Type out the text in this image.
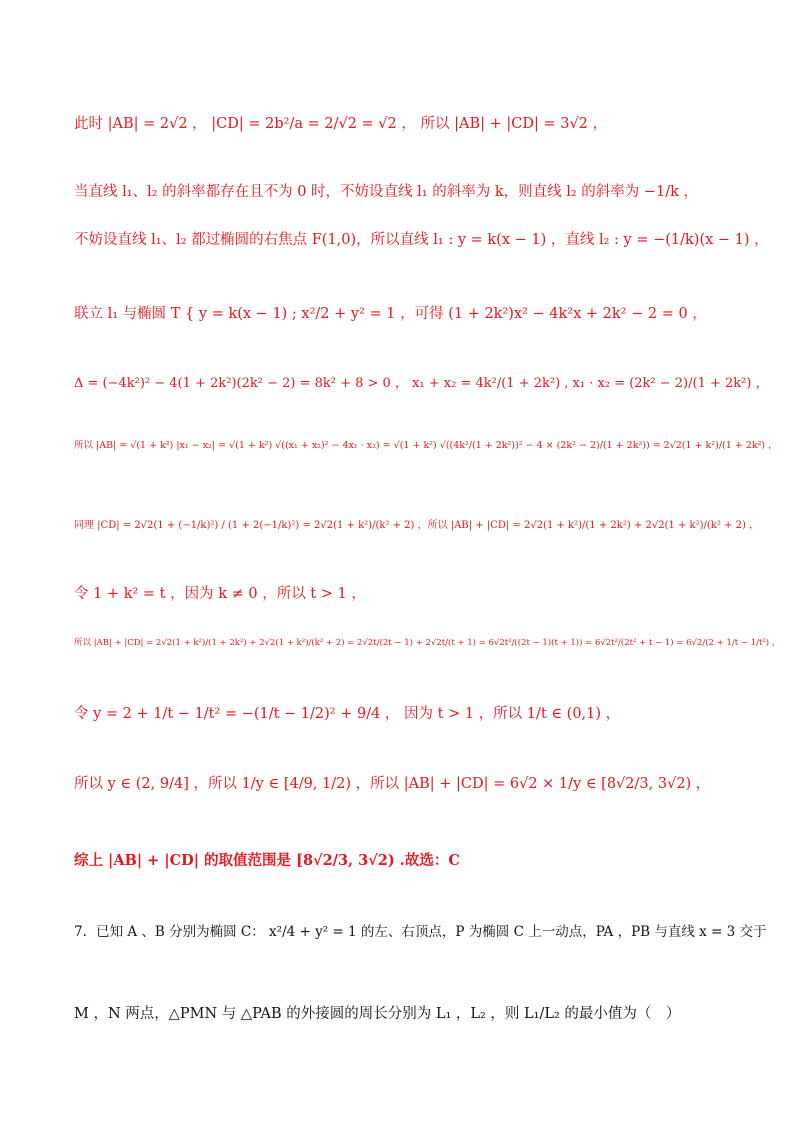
此时 |AB| = 2√2 ， |CD| = 2b²/a = 2/√2 = √2 ， 所以 |AB| + |CD| = 3√2 ，
当直线 l₁、l₂ 的斜率都存在且不为 0 时，不妨设直线 l₁ 的斜率为 k，则直线 l₂ 的斜率为 −1/k ，
不妨设直线 l₁、l₂ 都过椭圆的右焦点 F(1,0)，所以直线 l₁ : y = k(x − 1) ，直线 l₂ : y = −(1/k)(x − 1) ，
联立 l₁ 与椭圆 T { y = k(x − 1) ; x²/2 + y² = 1 ，可得 (1 + 2k²)x² − 4k²x + 2k² − 2 = 0 ，
Δ = (−4k²)² − 4(1 + 2k²)(2k² − 2) = 8k² + 8 > 0 ， x₁ + x₂ = 4k²/(1 + 2k²) , x₁ · x₂ = (2k² − 2)/(1 + 2k²) ，
所以 |AB| = √(1 + k²) |x₁ − x₂| = √(1 + k²) √((x₁ + x₂)² − 4x₁ · x₂) = √(1 + k²) √((4k²/(1 + 2k²))² − 4 × (2k² − 2)/(1 + 2k²)) = 2√2(1 + k²)/(1 + 2k²) ，
同理 |CD| = 2√2(1 + (−1/k)²) / (1 + 2(−1/k)²) = 2√2(1 + k²)/(k² + 2) ，所以 |AB| + |CD| = 2√2(1 + k²)/(1 + 2k²) + 2√2(1 + k²)/(k² + 2) ，
令 1 + k² = t ，因为 k ≠ 0 ，所以 t > 1 ，
所以 |AB| + |CD| = 2√2(1 + k²)/(1 + 2k²) + 2√2(1 + k²)/(k² + 2) = 2√2t/(2t − 1) + 2√2t/(t + 1) = 6√2t²/((2t − 1)(t + 1)) = 6√2t²/(2t² + t − 1) = 6√2/(2 + 1/t − 1/t²) ，
令 y = 2 + 1/t − 1/t² = −(1/t − 1/2)² + 9/4 ， 因为 t > 1 ，所以 1/t ∈ (0,1) ，
所以 y ∈ (2, 9/4] ，所以 1/y ∈ [4/9, 1/2) ，所以 |AB| + |CD| = 6√2 × 1/y ∈ [8√2/3, 3√2) ，
综上 |AB| + |CD| 的取值范围是 [8√2/3, 3√2) .故选：C
7．已知 A 、B 分别为椭圆 C： x²/4 + y² = 1 的左、右顶点，P 为椭圆 C 上一动点，PA ，PB 与直线 x = 3 交于
M ，N 两点，△PMN 与 △PAB 的外接圆的周长分别为 L₁ ，L₂ ，则 L₁/L₂ 的最小值为（　）
